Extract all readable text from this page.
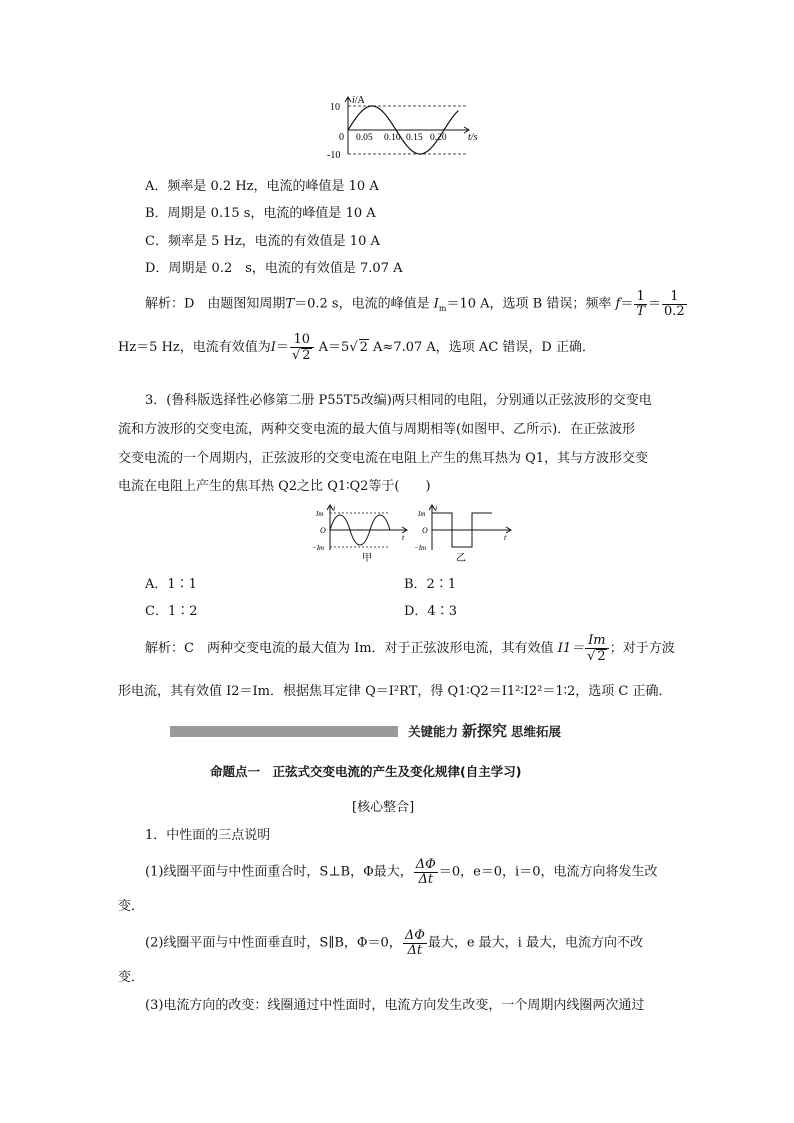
i/A
10
-10
0 0.05 0.10 0.15 0.20 t/s
A．频率是 0.2 Hz，电流的峰值是 10 A
B．周期是 0.15 s，电流的峰值是 10 A
C．频率是 5 Hz，电流的有效值是 10 A
D．周期是 0.2　s，电流的有效值是 7.07 A
解析：D　由题图知周期T＝0.2 s，电流的峰值是 $I_m=10$ A，选项 B 错误；频率 $f= \frac{1}{T} = \frac{1}{0.2}$
Hz＝5 Hz，电流有效值为$I= \frac{10}{√ 2} A=5√$ 2 A≈7.07 A，选项 AC 错误，D 正确．
3．(鲁科版选择性必修第二册 P55T5改编)两只相同的电阻，分别通以正弦波形的交变电
流和方波形的交变电流，两种交变电流的最大值与周期相等(如图甲、乙所示)．在正弦波形
交变电流的一个周期内，正弦波形的交变电流在电阻上产生的焦耳热为 Q1，其与方波形交变
电流在电阻上产生的焦耳热 Q2之比 Q1∶Q2等于(　　)
i
Im
O
−Im
t
甲
i
Im
O
−Im
t
乙
A．1∶1	B．2∶1
C．1∶2	D．4∶3
解析：C　两种交变电流的最大值为 Im．对于正弦波形电流，其有效值 $I1= \frac{Im}{√ 2}$ ；对于方波
形电流，其有效值 I2＝Im．根据焦耳定律 Q＝I²RT，得 Q1∶Q2＝I1²∶I2²＝1∶2，选项 C 正确．
关键能力 新探究 思维拓展
命题点一　正弦式交变电流的产生及变化规律(自主学习)
[核心整合]
1．中性面的三点说明
(1)线圈平面与中性面重合时，S⊥B，Φ最大， $\frac{\Delta\Phi}{\Delta t} =0$，e＝0，i＝0，电流方向将发生改
变．
(2)线圈平面与中性面垂直时，S∥B，Φ＝0， $\frac{\Delta\Phi}{\Delta t}$ 最大，e 最大，i 最大，电流方向不改
变．
(3)电流方向的改变：线圈通过中性面时，电流方向发生改变，一个周期内线圈两次通过
